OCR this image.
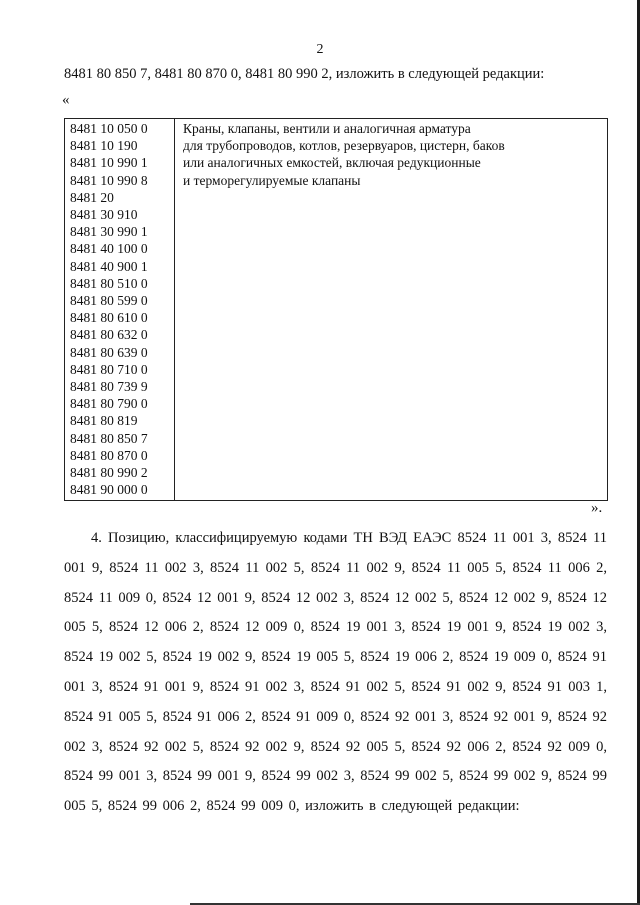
2
8481 80 850 7, 8481 80 870 0, 8481 80 990 2, изложить в следующей редакции:
«
8481 10 050 0
8481 10 190
8481 10 990 1
8481 10 990 8
8481 20
8481 30 910
8481 30 990 1
8481 40 100 0
8481 40 900 1
8481 80 510 0
8481 80 599 0
8481 80 610 0
8481 80 632 0
8481 80 639 0
8481 80 710 0
8481 80 739 9
8481 80 790 0
8481 80 819
8481 80 850 7
8481 80 870 0
8481 80 990 2
8481 90 000 0
Краны, клапаны, вентили и аналогичная арматура
для трубопроводов, котлов, резервуаров, цистерн, баков
или аналогичных емкостей, включая редукционные
и терморегулируемые клапаны
».
4. Позицию, классифицируемую кодами ТН ВЭД ЕАЭС 8524 11 001 3, 8524 11 001 9, 8524 11 002 3, 8524 11 002 5, 8524 11 002 9, 8524 11 005 5, 8524 11 006 2, 8524 11 009 0, 8524 12 001 9, 8524 12 002 3, 8524 12 002 5, 8524 12 002 9, 8524 12 005 5, 8524 12 006 2, 8524 12 009 0, 8524 19 001 3, 8524 19 001 9, 8524 19 002 3, 8524 19 002 5, 8524 19 002 9, 8524 19 005 5, 8524 19 006 2, 8524 19 009 0, 8524 91 001 3, 8524 91 001 9, 8524 91 002 3, 8524 91 002 5, 8524 91 002 9, 8524 91 003 1, 8524 91 005 5, 8524 91 006 2, 8524 91 009 0, 8524 92 001 3, 8524 92 001 9, 8524 92 002 3, 8524 92 002 5, 8524 92 002 9, 8524 92 005 5, 8524 92 006 2, 8524 92 009 0, 8524 99 001 3, 8524 99 001 9, 8524 99 002 3, 8524 99 002 5, 8524 99 002 9, 8524 99 005 5, 8524 99 006 2, 8524 99 009 0, изложить в следующей редакции:
